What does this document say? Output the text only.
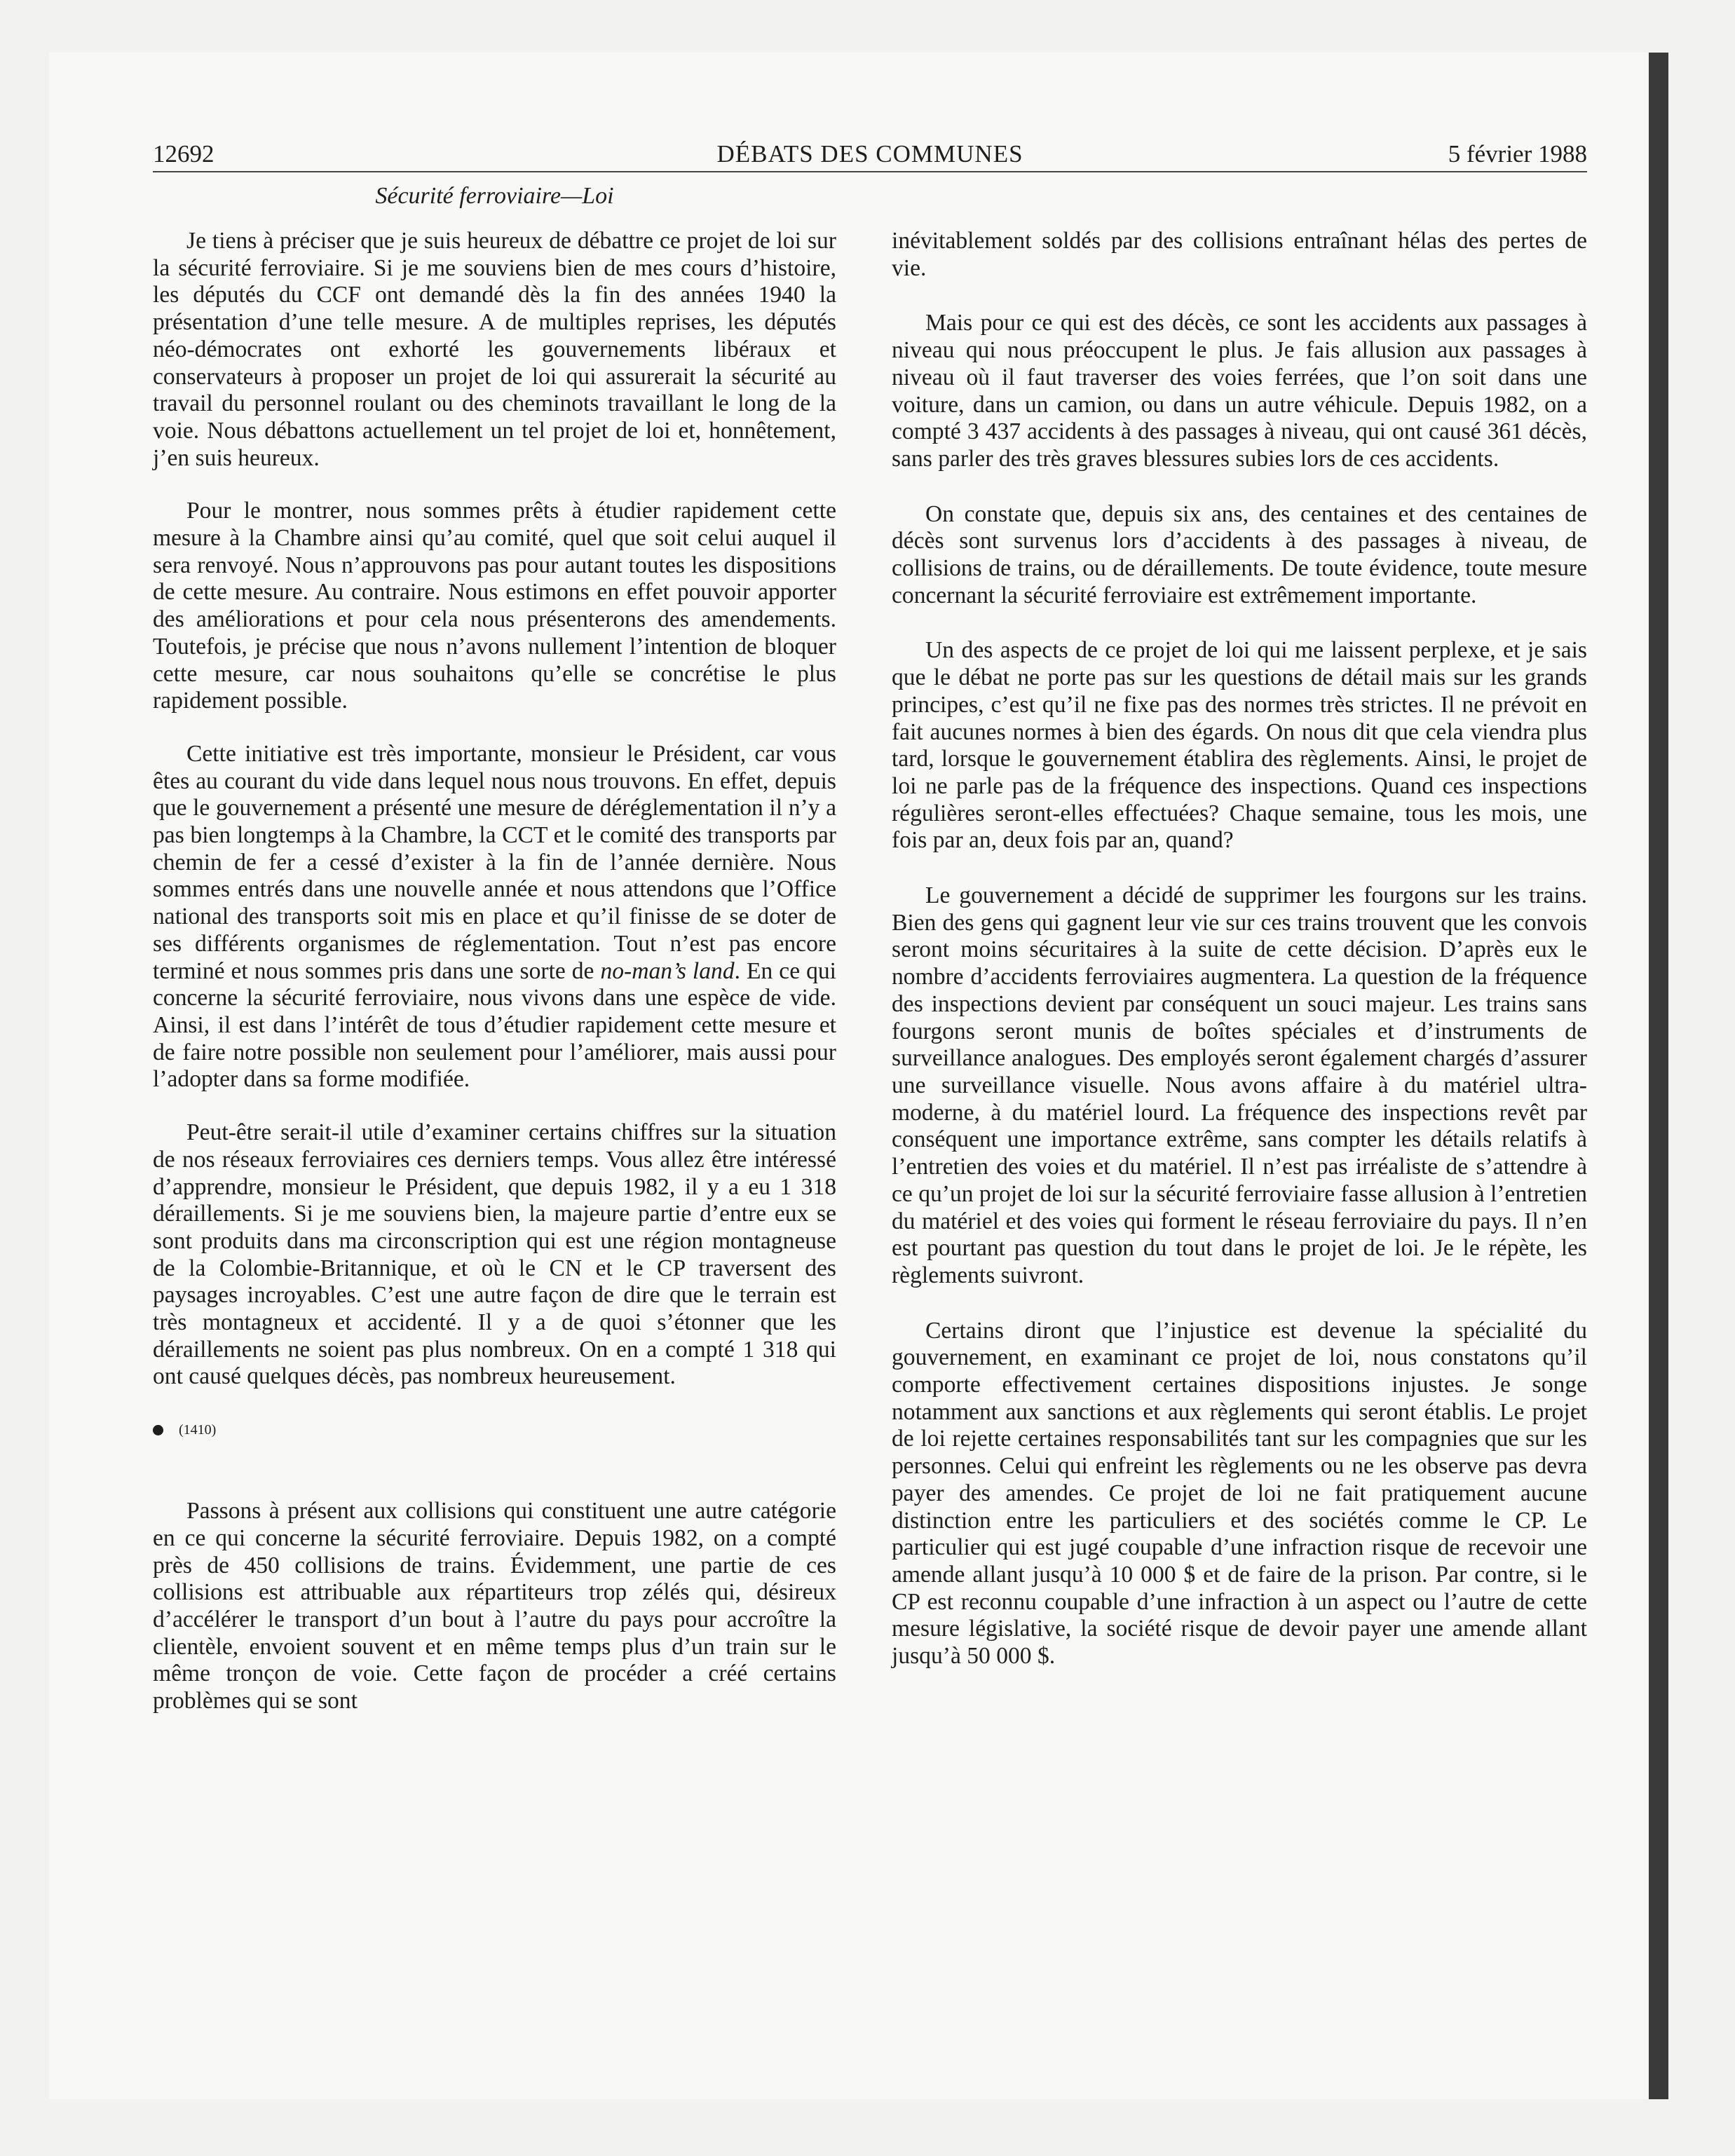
12692	DÉBATS DES COMMUNES	5 février 1988
Sécurité ferroviaire—Loi

Je tiens à préciser que je suis heureux de débattre ce projet de loi sur la sécurité ferroviaire. Si je me souviens bien de mes cours d’histoire, les députés du CCF ont demandé dès la fin des années 1940 la présentation d’une telle mesure. A de multiples reprises, les députés néo-démocrates ont exhorté les gouvernements libéraux et conservateurs à proposer un projet de loi qui assurerait la sécurité au travail du personnel roulant ou des cheminots travaillant le long de la voie. Nous débattons actuellement un tel projet de loi et, honnêtement, j’en suis heureux.

Pour le montrer, nous sommes prêts à étudier rapidement cette mesure à la Chambre ainsi qu’au comité, quel que soit celui auquel il sera renvoyé. Nous n’approuvons pas pour autant toutes les dispositions de cette mesure. Au contraire. Nous estimons en effet pouvoir apporter des améliorations et pour cela nous présenterons des amendements. Toutefois, je précise que nous n’avons nullement l’intention de bloquer cette mesure, car nous souhaitons qu’elle se concrétise le plus rapidement possible.

Cette initiative est très importante, monsieur le Président, car vous êtes au courant du vide dans lequel nous nous trouvons. En effet, depuis que le gouvernement a présenté une mesure de déréglementation il n’y a pas bien longtemps à la Chambre, la CCT et le comité des transports par chemin de fer a cessé d’exister à la fin de l’année dernière. Nous sommes entrés dans une nouvelle année et nous attendons que l’Office national des transports soit mis en place et qu’il finisse de se doter de ses différents organismes de réglementation. Tout n’est pas encore terminé et nous sommes pris dans une sorte de no-man’s land. En ce qui concerne la sécurité ferroviaire, nous vivons dans une espèce de vide. Ainsi, il est dans l’intérêt de tous d’étudier rapidement cette mesure et de faire notre possible non seulement pour l’améliorer, mais aussi pour l’adopter dans sa forme modifiée.

Peut-être serait-il utile d’examiner certains chiffres sur la situation de nos réseaux ferroviaires ces derniers temps. Vous allez être intéressé d’apprendre, monsieur le Président, que depuis 1982, il y a eu 1 318 déraillements. Si je me souviens bien, la majeure partie d’entre eux se sont produits dans ma circonscription qui est une région montagneuse de la Colombie-Britannique, et où le CN et le CP traversent des paysages incroyables. C’est une autre façon de dire que le terrain est très montagneux et accidenté. Il y a de quoi s’étonner que les déraillements ne soient pas plus nombreux. On en a compté 1 318 qui ont causé quelques décès, pas nombreux heureusement.

(1410)

Passons à présent aux collisions qui constituent une autre catégorie en ce qui concerne la sécurité ferroviaire. Depuis 1982, on a compté près de 450 collisions de trains. Évidemment, une partie de ces collisions est attribuable aux répartiteurs trop zélés qui, désireux d’accélérer le transport d’un bout à l’autre du pays pour accroître la clientèle, envoient souvent et en même temps plus d’un train sur le même tronçon de voie. Cette façon de procéder a créé certains problèmes qui se sont

inévitablement soldés par des collisions entraînant hélas des pertes de vie.

Mais pour ce qui est des décès, ce sont les accidents aux passages à niveau qui nous préoccupent le plus. Je fais allusion aux passages à niveau où il faut traverser des voies ferrées, que l’on soit dans une voiture, dans un camion, ou dans un autre véhicule. Depuis 1982, on a compté 3 437 accidents à des passages à niveau, qui ont causé 361 décès, sans parler des très graves blessures subies lors de ces accidents.

On constate que, depuis six ans, des centaines et des centaines de décès sont survenus lors d’accidents à des passages à niveau, de collisions de trains, ou de déraillements. De toute évidence, toute mesure concernant la sécurité ferroviaire est extrêmement importante.

Un des aspects de ce projet de loi qui me laissent perplexe, et je sais que le débat ne porte pas sur les questions de détail mais sur les grands principes, c’est qu’il ne fixe pas des normes très strictes. Il ne prévoit en fait aucunes normes à bien des égards. On nous dit que cela viendra plus tard, lorsque le gouvernement établira des règlements. Ainsi, le projet de loi ne parle pas de la fréquence des inspections. Quand ces inspections régulières seront-elles effectuées? Chaque semaine, tous les mois, une fois par an, deux fois par an, quand?

Le gouvernement a décidé de supprimer les fourgons sur les trains. Bien des gens qui gagnent leur vie sur ces trains trouvent que les convois seront moins sécuritaires à la suite de cette décision. D’après eux le nombre d’accidents ferroviaires augmentera. La question de la fréquence des inspections devient par conséquent un souci majeur. Les trains sans fourgons seront munis de boîtes spéciales et d’instruments de surveillance analogues. Des employés seront également chargés d’assurer une surveillance visuelle. Nous avons affaire à du matériel ultra-moderne, à du matériel lourd. La fréquence des inspections revêt par conséquent une importance extrême, sans compter les détails relatifs à l’entretien des voies et du matériel. Il n’est pas irréaliste de s’attendre à ce qu’un projet de loi sur la sécurité ferroviaire fasse allusion à l’entretien du matériel et des voies qui forment le réseau ferroviaire du pays. Il n’en est pourtant pas question du tout dans le projet de loi. Je le répète, les règlements suivront.

Certains diront que l’injustice est devenue la spécialité du gouvernement, en examinant ce projet de loi, nous constatons qu’il comporte effectivement certaines dispositions injustes. Je songe notamment aux sanctions et aux règlements qui seront établis. Le projet de loi rejette certaines responsabilités tant sur les compagnies que sur les personnes. Celui qui enfreint les règlements ou ne les observe pas devra payer des amendes. Ce projet de loi ne fait pratiquement aucune distinction entre les particuliers et des sociétés comme le CP. Le particulier qui est jugé coupable d’une infraction risque de recevoir une amende allant jusqu’à 10 000 $ et de faire de la prison. Par contre, si le CP est reconnu coupable d’une infraction à un aspect ou l’autre de cette mesure législative, la société risque de devoir payer une amende allant jusqu’à 50 000 $.
